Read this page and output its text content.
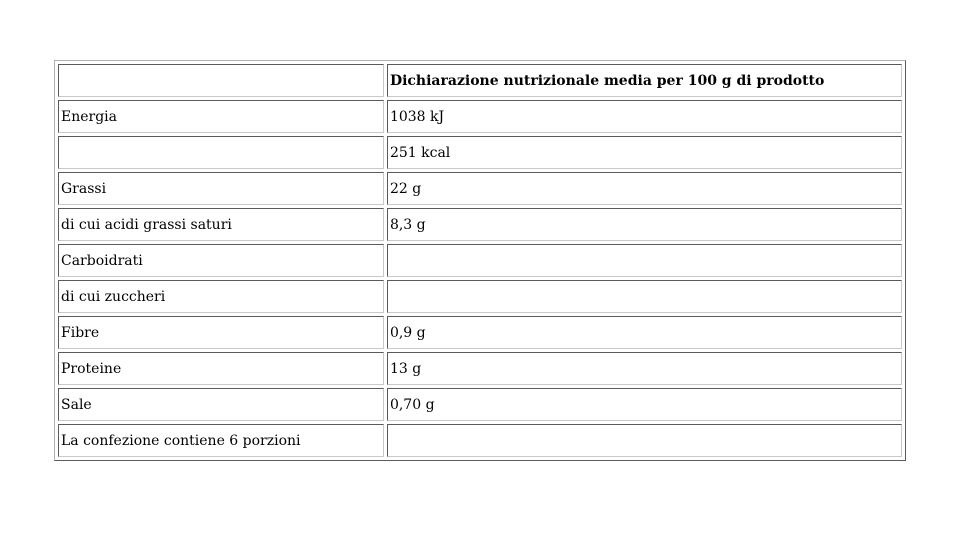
	Dichiarazione nutrizionale media per 100 g di prodotto
Energia	1038 kJ
	251 kcal
Grassi	22 g
di cui acidi grassi saturi	8,3 g
Carboidrati	
di cui zuccheri	
Fibre	0,9 g
Proteine	13 g
Sale	0,70 g
La confezione contiene 6 porzioni	
